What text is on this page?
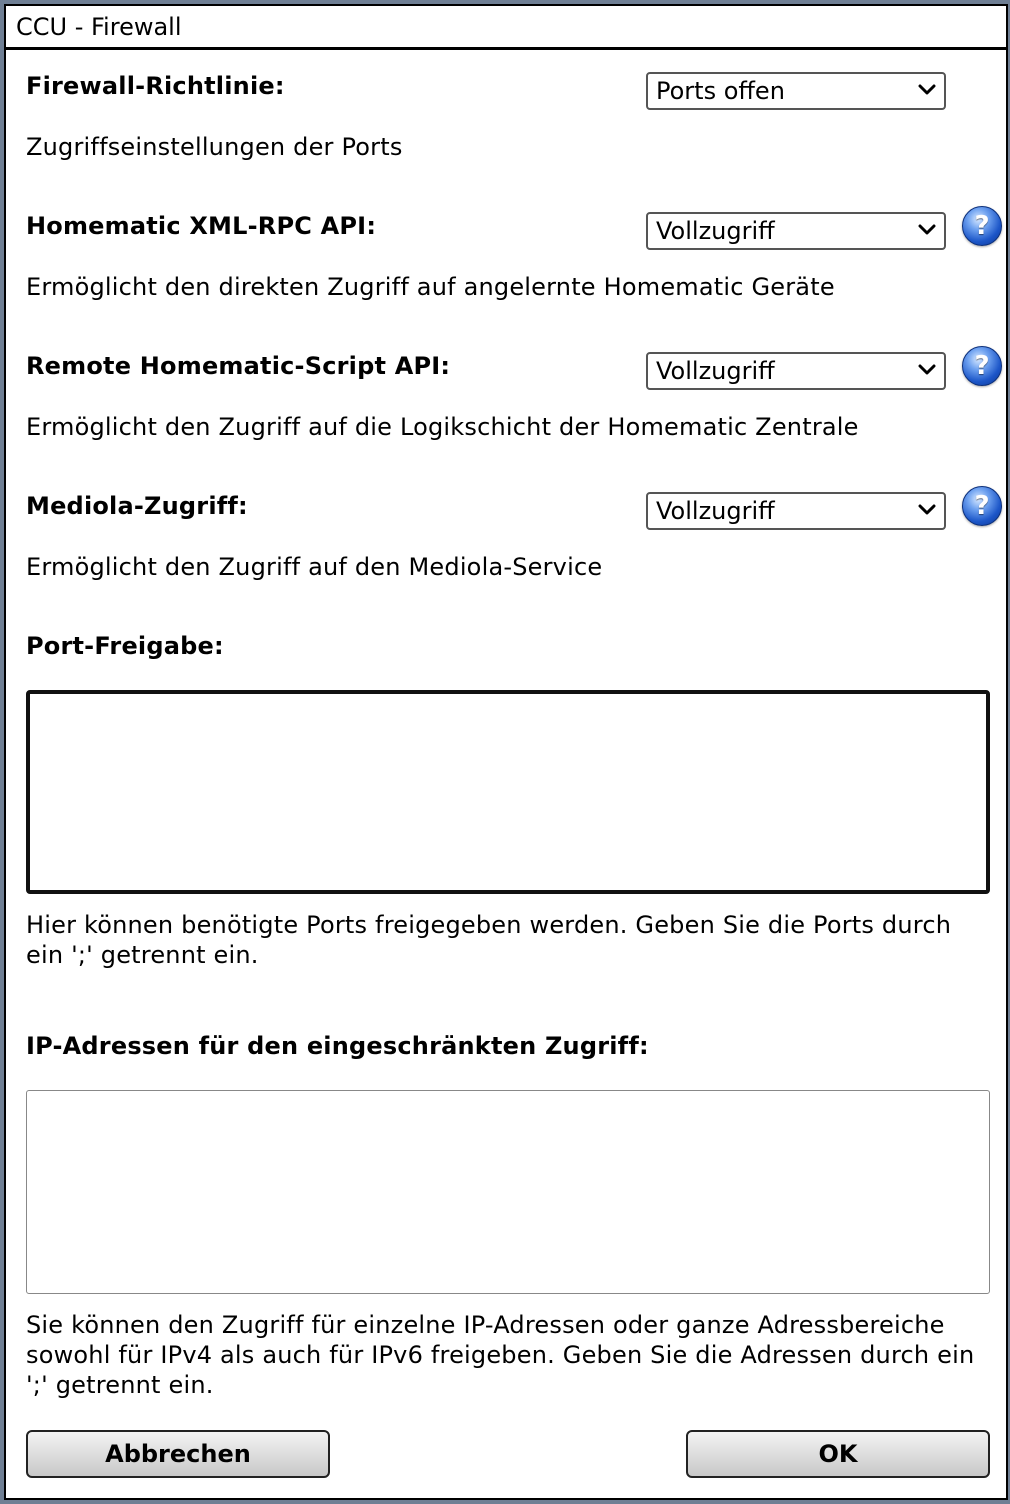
CCU - Firewall
Firewall-Richtlinie:	Ports offen
Zugriffseinstellungen der Ports
Homematic XML-RPC API:	Vollzugriff	?
Ermöglicht den direkten Zugriff auf angelernte Homematic Geräte
Remote Homematic-Script API:	Vollzugriff	?
Ermöglicht den Zugriff auf die Logikschicht der Homematic Zentrale
Mediola-Zugriff:	Vollzugriff	?
Ermöglicht den Zugriff auf den Mediola-Service
Port-Freigabe:
Hier können benötigte Ports freigegeben werden. Geben Sie die Ports durch
ein ';' getrennt ein.
IP-Adressen für den eingeschränkten Zugriff:
Sie können den Zugriff für einzelne IP-Adressen oder ganze Adressbereiche
sowohl für IPv4 als auch für IPv6 freigeben. Geben Sie die Adressen durch ein
';' getrennt ein.
Abbrechen	OK
